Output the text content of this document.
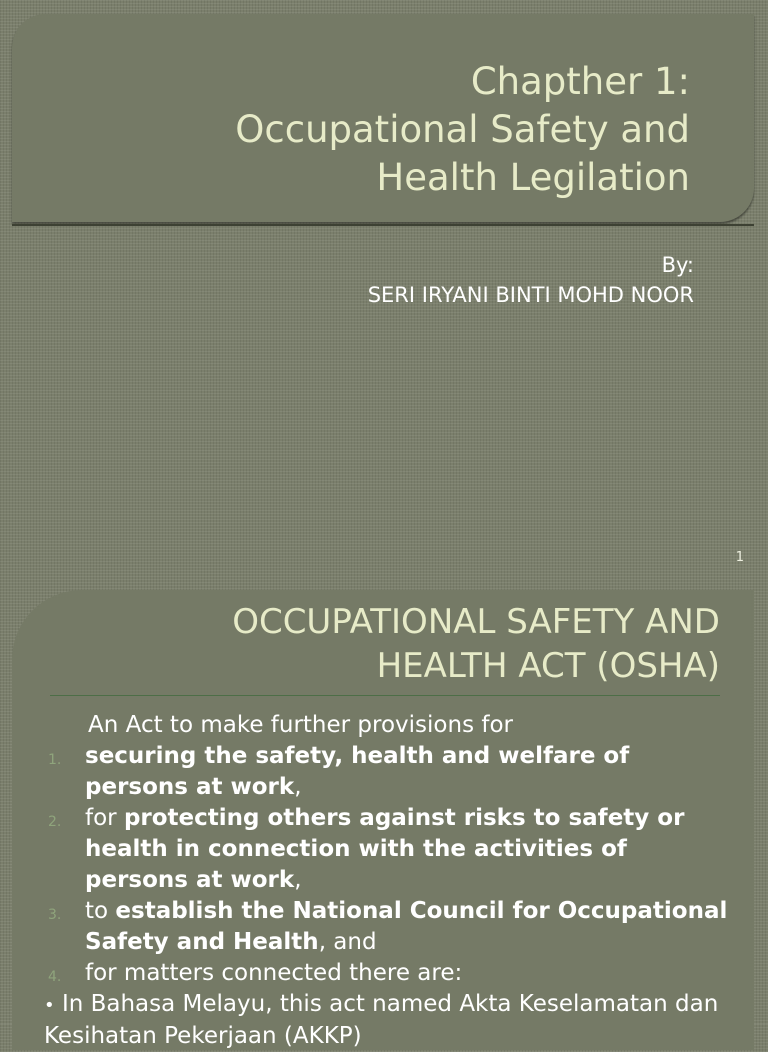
Chapther 1:
Occupational Safety and
Health Legilation
By:
SERI IRYANI BINTI MOHD NOOR
1
OCCUPATIONAL SAFETY AND
HEALTH ACT (OSHA)
An Act to make further provisions for
1. securing the safety, health and welfare of persons at work,
2. for protecting others against risks to safety or health in connection with the activities of persons at work,
3. to establish the National Council for Occupational Safety and Health, and
4. for matters connected there are:
• In Bahasa Melayu, this act named Akta Keselamatan dan Kesihatan Pekerjaan (AKKP)
